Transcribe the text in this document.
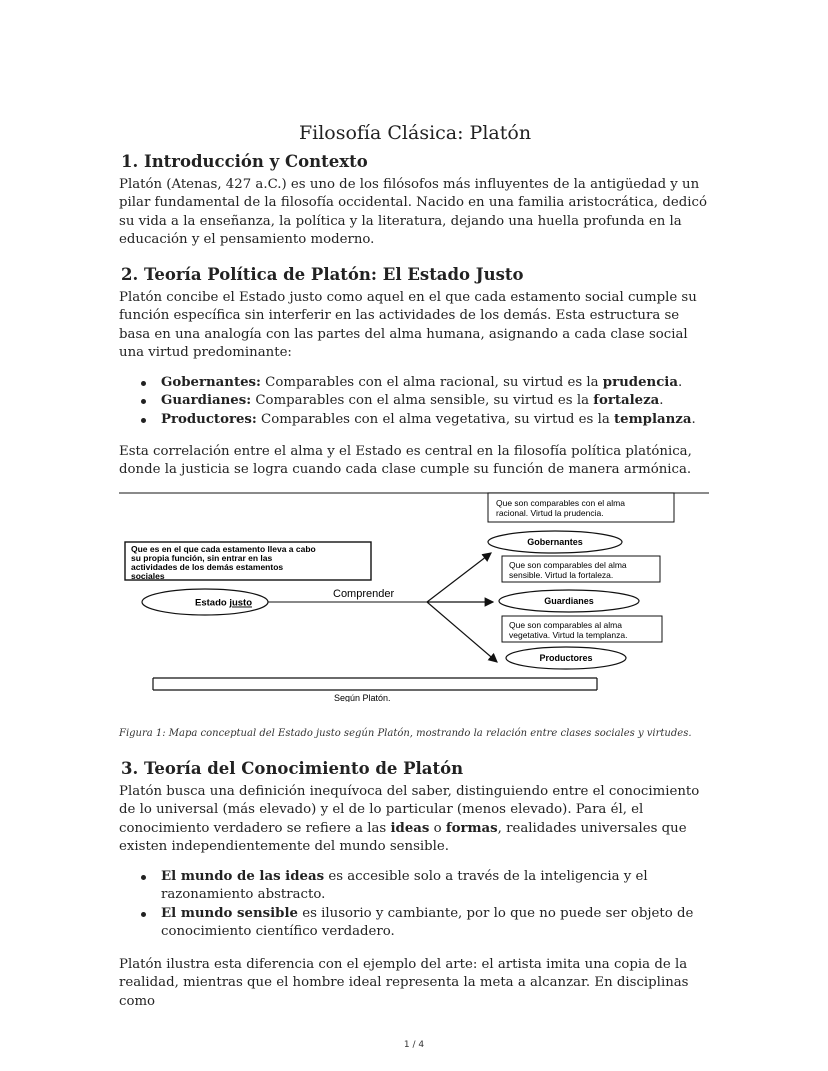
Filosofía Clásica: Platón
1. Introducción y Contexto

Platón (Atenas, 427 a.C.) es uno de los filósofos más influyentes de la antigüedad y un pilar fundamental de la filosofía occidental. Nacido en una familia aristocrática, dedicó su vida a la enseñanza, la política y la literatura, dejando una huella profunda en la educación y el pensamiento moderno.

2. Teoría Política de Platón: El Estado Justo

Platón concibe el Estado justo como aquel en el que cada estamento social cumple su función específica sin interferir en las actividades de los demás. Esta estructura se basa en una analogía con las partes del alma humana, asignando a cada clase social una virtud predominante:

Gobernantes: Comparables con el alma racional, su virtud es la prudencia.
Guardianes: Comparables con el alma sensible, su virtud es la fortaleza.
Productores: Comparables con el alma vegetativa, su virtud es la templanza.

Esta correlación entre el alma y el Estado es central en la filosofía política platónica, donde la justicia se logra cuando cada clase cumple su función de manera armónica.

Que es en el que cada estamento lleva a cabo
su propia función, sin entrar en las
actividades de los demás estamentos
sociales
Estado justo
Comprender
Que son comparables con el alma
racional. Virtud la prudencia.
Gobernantes
Que son comparables del alma
sensible. Virtud la fortaleza.
Guardianes
Que son comparables al alma
vegetativa. Virtud la templanza.
Productores
Según Platón.
Figura 1: Mapa conceptual del Estado justo según Platón, mostrando la relación entre clases sociales y virtudes.
3. Teoría del Conocimiento de Platón

Platón busca una definición inequívoca del saber, distinguiendo entre el conocimiento de lo universal (más elevado) y el de lo particular (menos elevado). Para él, el conocimiento verdadero se refiere a las ideas o formas, realidades universales que existen independientemente del mundo sensible.

El mundo de las ideas es accesible solo a través de la inteligencia y el razonamiento abstracto.
El mundo sensible es ilusorio y cambiante, por lo que no puede ser objeto de conocimiento científico verdadero.

Platón ilustra esta diferencia con el ejemplo del arte: el artista imita una copia de la realidad, mientras que el hombre ideal representa la meta a alcanzar. En disciplinas como

1 / 4
